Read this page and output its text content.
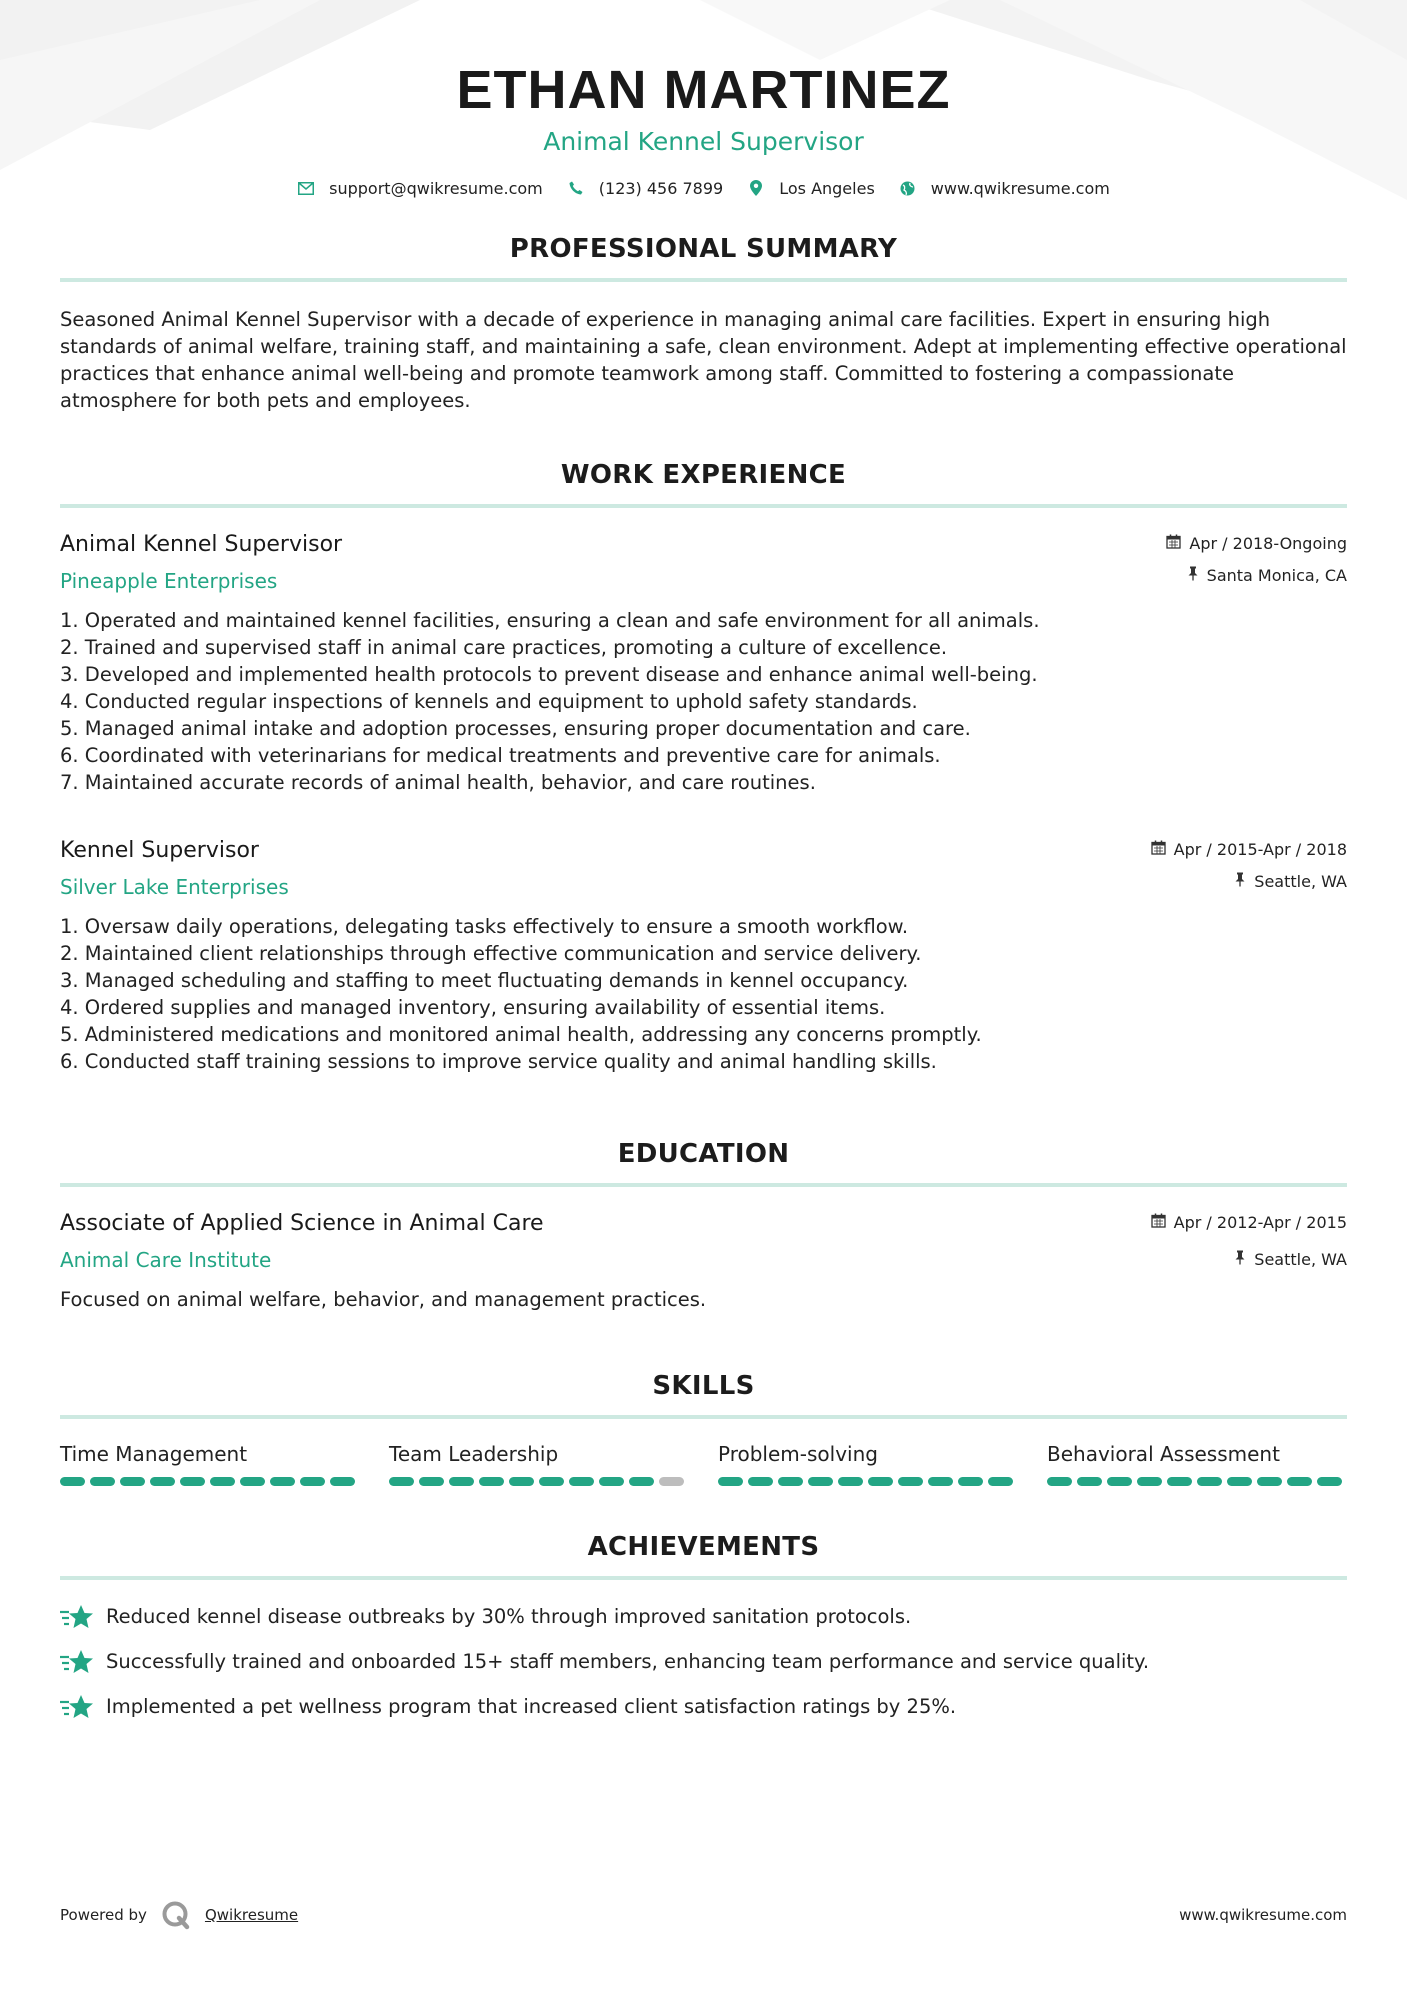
ETHAN MARTINEZ
Animal Kennel Supervisor
support@qwikresume.com	(123) 456 7899	Los Angeles	www.qwikresume.com
PROFESSIONAL SUMMARY
Seasoned Animal Kennel Supervisor with a decade of experience in managing animal care facilities. Expert in ensuring high standards of animal welfare, training staff, and maintaining a safe, clean environment. Adept at implementing effective operational practices that enhance animal well-being and promote teamwork among staff. Committed to fostering a compassionate atmosphere for both pets and employees.
WORK EXPERIENCE
Animal Kennel Supervisor
Pineapple Enterprises
Apr / 2018-Ongoing
Santa Monica, CA
1. Operated and maintained kennel facilities, ensuring a clean and safe environment for all animals.
2. Trained and supervised staff in animal care practices, promoting a culture of excellence.
3. Developed and implemented health protocols to prevent disease and enhance animal well-being.
4. Conducted regular inspections of kennels and equipment to uphold safety standards.
5. Managed animal intake and adoption processes, ensuring proper documentation and care.
6. Coordinated with veterinarians for medical treatments and preventive care for animals.
7. Maintained accurate records of animal health, behavior, and care routines.
Kennel Supervisor
Silver Lake Enterprises
Apr / 2015-Apr / 2018
Seattle, WA
1. Oversaw daily operations, delegating tasks effectively to ensure a smooth workflow.
2. Maintained client relationships through effective communication and service delivery.
3. Managed scheduling and staffing to meet fluctuating demands in kennel occupancy.
4. Ordered supplies and managed inventory, ensuring availability of essential items.
5. Administered medications and monitored animal health, addressing any concerns promptly.
6. Conducted staff training sessions to improve service quality and animal handling skills.
EDUCATION
Associate of Applied Science in Animal Care
Animal Care Institute
Apr / 2012-Apr / 2015
Seattle, WA
Focused on animal welfare, behavior, and management practices.
SKILLS
Time Management	Team Leadership	Problem-solving	Behavioral Assessment
ACHIEVEMENTS
Reduced kennel disease outbreaks by 30% through improved sanitation protocols.
Successfully trained and onboarded 15+ staff members, enhancing team performance and service quality.
Implemented a pet wellness program that increased client satisfaction ratings by 25%.
Powered by	Qwikresume	www.qwikresume.com
